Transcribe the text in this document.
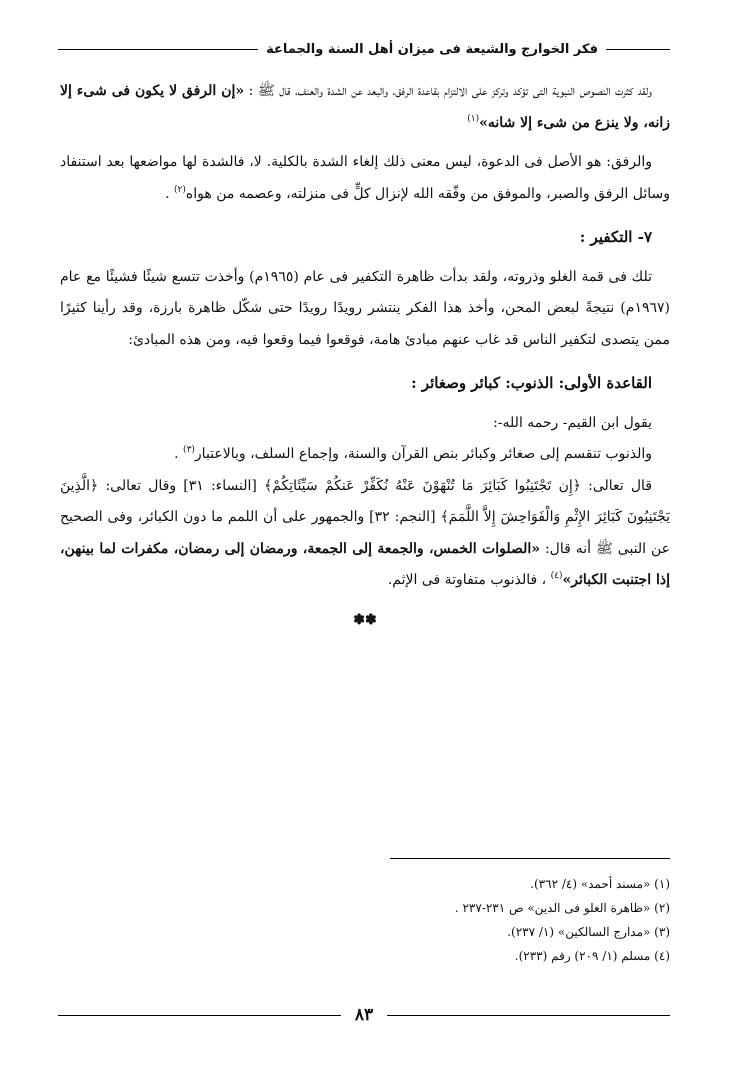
فكر الخوارج والشيعة فى ميزان أهل السنة والجماعة

ولقد كثرت النصوص النبوية التى تؤكد وتركز على الالتزام بقاعدة الرفق، والبعد عن الشدة والعنف، قال ﷺ : «إن الرفق لا يكون فى شىء إلا زانه، ولا ينزع من شىء إلا شانه»$^{(١)}$

والرفق: هو الأصل فى الدعوة، ليس معنى ذلك إلغاء الشدة بالكلية. لا، فالشدة لها مواضعها بعد استنفاد وسائل الرفق والصبر، والموفق من وفّقه الله لإنزال كلٍّ فى منزلته، وعصمه من هواه$^{(٢)}$ .

٧- التكفير :

تلك فى قمة الغلو وذروته، ولقد بدأت ظاهرة التكفير فى عام (١٩٦٥م) وأخذت تتسع شيئًا فشيئًا مع عام (١٩٦٧م) نتيجةً لبعض المحن، وأخذ هذا الفكر ينتشر رويدًا رويدًا حتى شكّل ظاهرة بارزة، وقد رأينا كثيرًا ممن يتصدى لتكفير الناس قد غاب عنهم مبادئ هامة، فوقعوا فيما وقعوا فيه، ومن هذه المبادئ:

القاعدة الأولى: الذنوب: كبائر وصغائر :

يقول ابن القيم- رحمه الله-:

والذنوب تنقسم إلى صغائر وكبائر بنص القرآن والسنة، وإجماع السلف، وبالاعتبار$^{(٣)}$ .

قال تعالى: ﴿إِن تَجْتَنِبُوا كَبَائِرَ مَا تُنْهَوْنَ عَنْهُ نُكَفِّرْ عَنكُمْ سَيِّئَاتِكُمْ﴾ [النساء: ٣١] وقال تعالى: ﴿الَّذِينَ يَجْتَنِبُونَ كَبَائِرَ الإِثْمِ وَالْفَوَاحِشَ إِلاَّ اللَّمَمَ﴾ [النجم: ٣٢] والجمهور على أن اللمم ما دون الكبائر، وفى الصحيح عن النبى ﷺ أنه قال: «الصلوات الخمس، والجمعة إلى الجمعة، ورمضان إلى رمضان، مكفرات لما بينهن، إذا اجتنبت الكبائر»$^{(٤)}$ ، فالذنوب متفاوتة فى الإثم.

✽✽
(١) «مسند أحمد» (٤/ ٣٦٢).
(٢) «ظاهرة الغلو فى الدين» ص ٢٣١-٢٣٧ .
(٣) «مدارج السالكين» (١/ ٢٣٧).
(٤) مسلم (١/ ٢٠٩) رقم (٢٣٣).
٨٣
